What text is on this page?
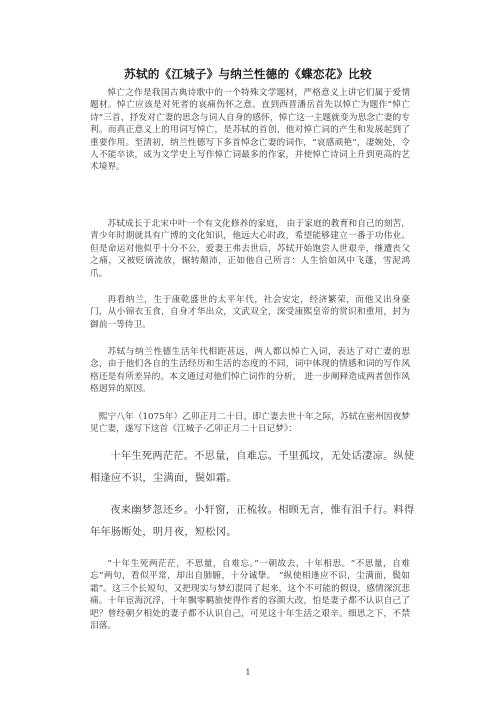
苏轼的《江城子》与纳兰性德的《蝶恋花》比较

悼亡之作是我国古典诗歌中的一个特殊文学题材，严格意义上讲它们属于爱情题材。悼亡应该是对死者的哀痛伤怀之意。直到西晋潘岳首先以悼亡为题作“悼亡诗”三首，抒发对亡妻的思念与词人自身的感怀，悼亡这一主题就变为思念亡妻的专利。而真正意义上的用词写悼亡，是苏轼的首创，他对悼亡词的产生和发展起到了重要作用。至清初，纳兰性德写下多首悼念亡妻的词作，“哀感顽艳”，凄婉处，令人不能卒读，成为文学史上写作悼亡词最多的作家，并使悼亡诗词上升到更高的艺术境界。

苏轼成长于北宋中叶一个有文化修养的家庭， 由于家庭的教育和自己的刻苦，青少年时期就具有广博的文化知识，他远大心时政，希望能够建立一番于功伟业。但是命运对他似乎十分不公，爱妻王弗去世后，苏轼开始饱尝人世艰辛，继遭丧父之痛，又被贬谪流放，辗转颠沛，正如他自己所言：人生恰如风中飞蓬，雪泥鸿爪。

再看纳兰，生于康乾盛世的太平年代，社会安定，经济繁荣，而他又出身豪门，从小锦衣玉食，自身才华出众，文武双全，深受康熙皇帝的赏识和重用，封为御前一等侍卫。

苏轼与纳兰性德生活年代相距甚远，两人都以悼亡入词，表达了对亡妻的思念，由于他们各自的生活经历和生活的态度的不同，词中体现的情感和词的写作风格还是有所差异的。本文通过对他们悼亡词作的分析， 进一步阐释造成两者创作风格迥异的原因。

熙宁八年（1075年）乙卯正月二十日，即亡妻去世十年之际，苏轼在密州因夜梦见亡妻，遂写下这首《江城子·乙卯正月二十日记梦》：

十年生死两茫茫。不思量，自难忘。千里孤坟，无处话凄凉。纵使相逢应不识，尘满面，鬓如霜。

夜来幽梦忽还乡。小轩窗，正梳妆。相顾无言，惟有泪千行。料得年年肠断处，明月夜，短松冈。

“十年生死两茫茫，不思量，自难忘。”一朝故去，十年相思。“不思量，自难忘”两句，看似平常，却出自肺腑，十分诚挚。 “纵使相逢应不识，尘满面，鬓如霜”。这三个长短句，又把现实与梦幻混同了起来，这个不可能的假设，感情深沉悲痛。十年宦海沉浮，十年飘零羁旅使得作者的容颜大改，怕是妻子都不认识自己了吧？曾经朝夕相处的妻子都不认识自己，可见这十年生活之艰辛。细思之下，不禁泪落。

1
